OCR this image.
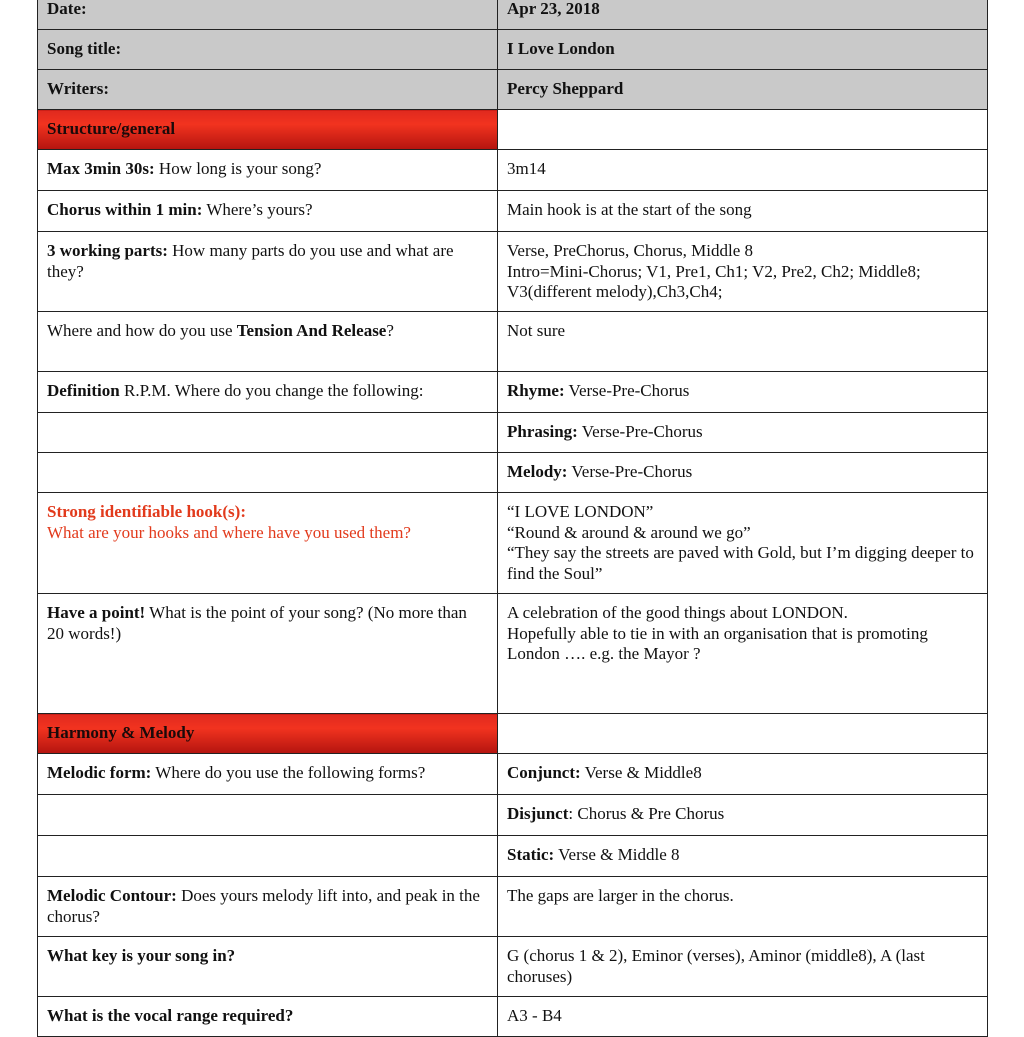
Date:	Apr 23, 2018
Song title:	I Love London
Writers:	Percy Sheppard
Structure/general	
Max 3min 30s: How long is your song?	3m14
Chorus within 1 min: Where’s yours?	Main hook is at the start of the song
3 working parts: How many parts do you use and what are they?	Verse, PreChorus, Chorus, Middle 8
Intro=Mini-Chorus; V1, Pre1, Ch1; V2, Pre2, Ch2; Middle8; V3(different melody),Ch3,Ch4;

Where and how do you use Tension And Release?	Not sure
Definition R.P.M. Where do you change the following:	Rhyme: Verse-Pre-Chorus
	Phrasing: Verse-Pre-Chorus
	Melody: Verse-Pre-Chorus

Strong identifiable hook(s):
What are your hooks and where have you used them?	“I LOVE LONDON”
“Round & around & around we go”
“They say the streets are paved with Gold, but I’m digging deeper to find the Soul”

Have a point! What is the point of your song? (No more than 20 words!)	A celebration of the good things about LONDON.
Hopefully able to tie in with an organisation that is promoting London …. e.g. the Mayor ?

Harmony & Melody	
Melodic form: Where do you use the following forms?	Conjunct: Verse & Middle8
	Disjunct: Chorus & Pre Chorus
	Static: Verse & Middle 8
Melodic Contour: Does yours melody lift into, and peak in the chorus?	The gaps are larger in the chorus.
What key is your song in?	G (chorus 1 & 2), Eminor (verses), Aminor (middle8), A (last choruses)
What is the vocal range required?	A3 - B4
